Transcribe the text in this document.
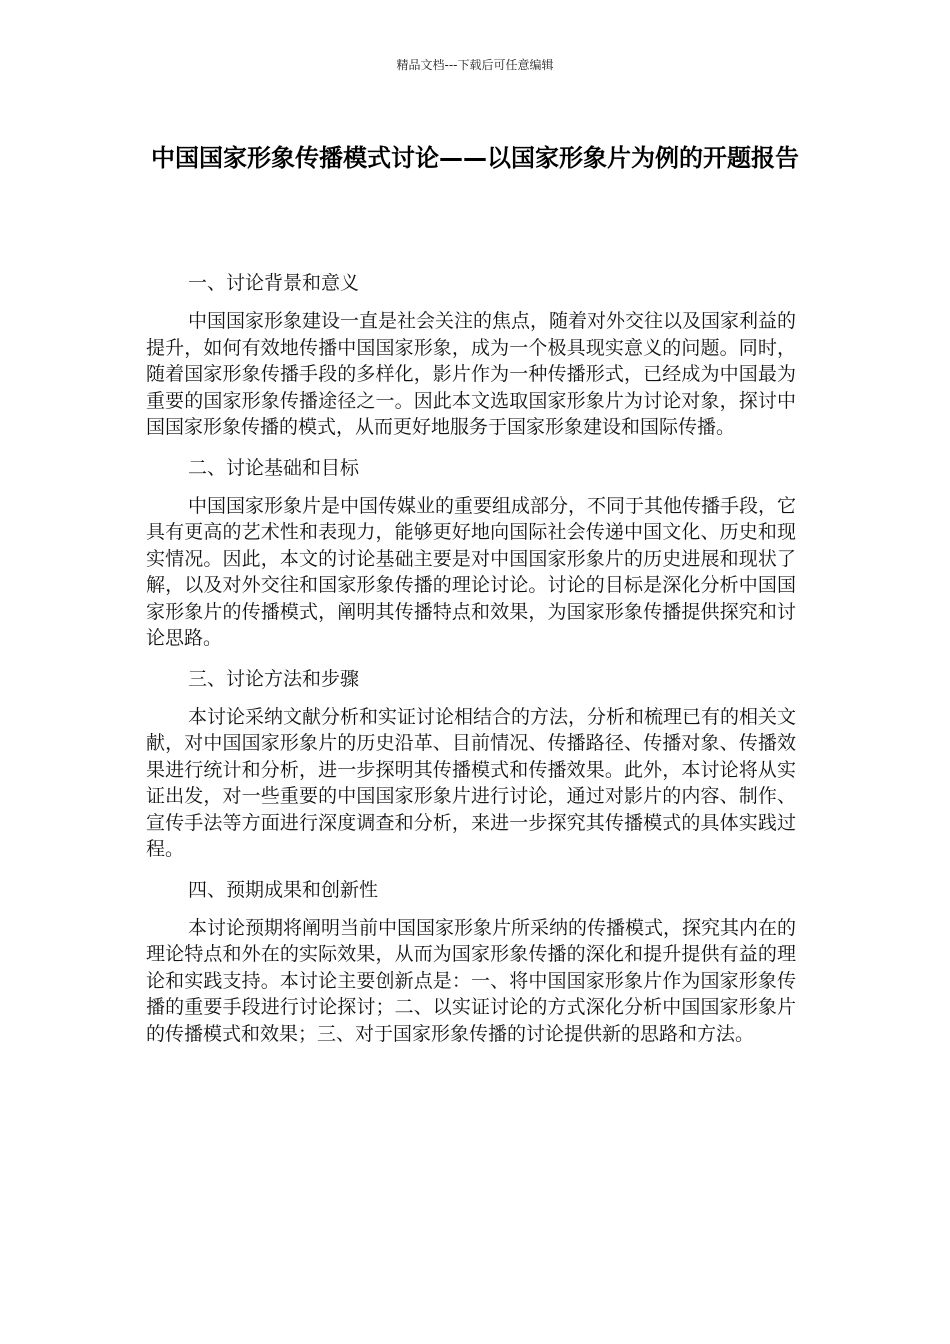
精品文档---下载后可任意编辑
中国国家形象传播模式讨论——以国家形象片为例的开题报告
一、讨论背景和意义

中国国家形象建设一直是社会关注的焦点，随着对外交往以及国家利益的提升，如何有效地传播中国国家形象，成为一个极具现实意义的问题。同时，随着国家形象传播手段的多样化，影片作为一种传播形式，已经成为中国最为重要的国家形象传播途径之一。因此本文选取国家形象片为讨论对象，探讨中国国家形象传播的模式，从而更好地服务于国家形象建设和国际传播。

二、讨论基础和目标

中国国家形象片是中国传媒业的重要组成部分，不同于其他传播手段，它具有更高的艺术性和表现力，能够更好地向国际社会传递中国文化、历史和现实情况。因此，本文的讨论基础主要是对中国国家形象片的历史进展和现状了解，以及对外交往和国家形象传播的理论讨论。讨论的目标是深化分析中国国家形象片的传播模式，阐明其传播特点和效果，为国家形象传播提供探究和讨论思路。

三、讨论方法和步骤

本讨论采纳文献分析和实证讨论相结合的方法，分析和梳理已有的相关文献，对中国国家形象片的历史沿革、目前情况、传播路径、传播对象、传播效果进行统计和分析，进一步探明其传播模式和传播效果。此外，本讨论将从实证出发，对一些重要的中国国家形象片进行讨论，通过对影片的内容、制作、宣传手法等方面进行深度调查和分析，来进一步探究其传播模式的具体实践过程。

四、预期成果和创新性

本讨论预期将阐明当前中国国家形象片所采纳的传播模式，探究其内在的理论特点和外在的实际效果，从而为国家形象传播的深化和提升提供有益的理论和实践支持。本讨论主要创新点是：一、将中国国家形象片作为国家形象传播的重要手段进行讨论探讨；二、以实证讨论的方式深化分析中国国家形象片的传播模式和效果；三、对于国家形象传播的讨论提供新的思路和方法。
